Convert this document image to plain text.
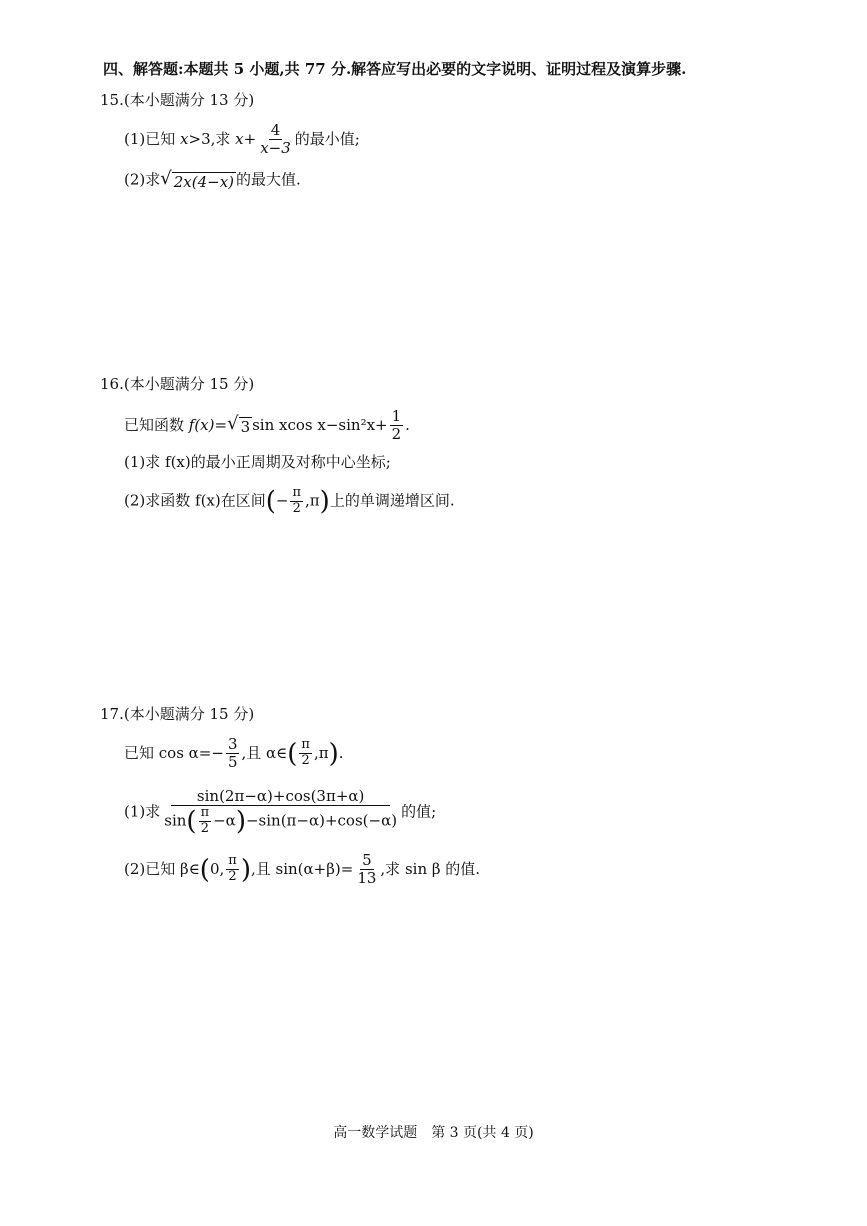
四、解答题:本题共 5 小题,共 77 分.解答应写出必要的文字说明、证明过程及演算步骤.
15.(本小题满分 13 分)
(1)已知 x>3,求 $x+ \frac{4}{x-3}$ 的最小值;
(2)求 √ 2x(4−x) 的最大值.
16.(本小题满分 15 分)
已知函数 f(x)= √ 3 sin xcos $x-\sin^2x+ \frac{1}{2}$ .
(1)求 f(x)的最小正周期及对称中心坐标;
(2)求函数 f(x)在区间(− $\frac{\pi}{2} ,\pi$)上的单调递增区间.
17.(本小题满分 15 分)
已知 $\cos \alpha=- \frac{3}{5}$ ,且 α∈( $\frac{\pi}{2} ,\pi$).
(1)求 $\frac{\sin(2\pi-\alpha)+\cos(3\pi+\alpha)}{\sin( \frac{\pi}{2} -\alpha)-\sin(\pi-\alpha)+\cos(-\alpha)}$ 的值;
(2)已知 β∈(0, $\frac{\pi}{2}$ ),且 $\sin(\alpha+\beta)= \frac{5}{13}$ ,求 sin β 的值.
高一数学试题　第 3 页(共 4 页)
